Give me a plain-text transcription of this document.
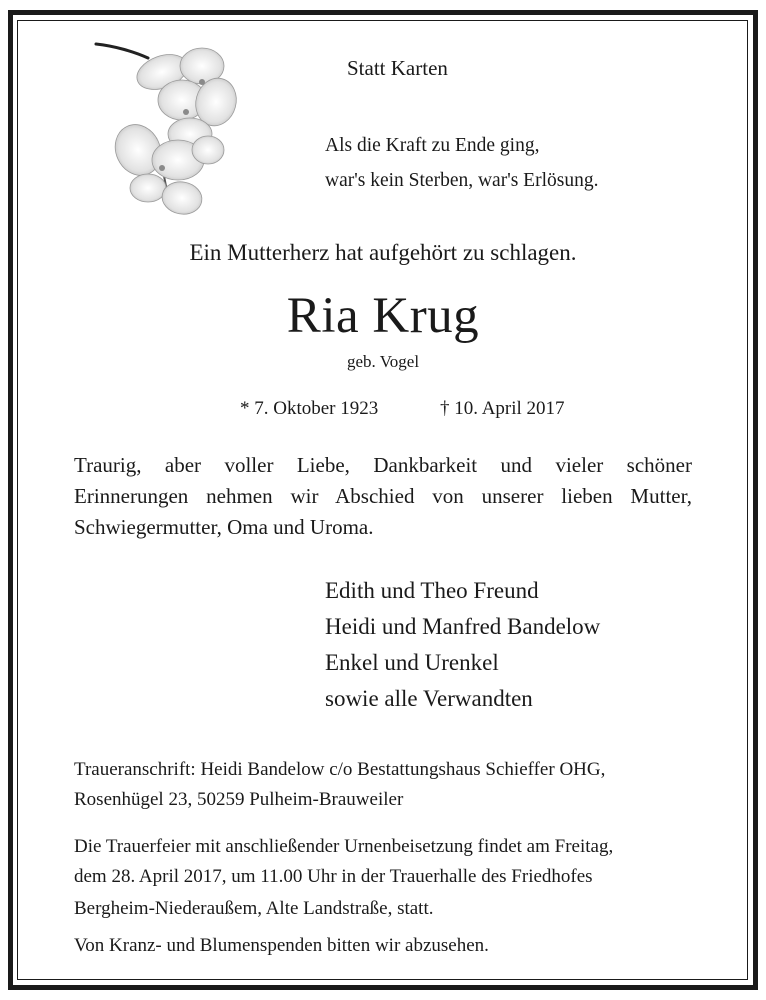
Statt Karten
Als die Kraft zu Ende ging,
war's kein Sterben, war's Erlösung.
Ein Mutterherz hat aufgehört zu schlagen.
Ria Krug
geb. Vogel
* 7. Oktober 1923	† 10. April 2017
Traurig, aber voller Liebe, Dankbarkeit und vieler schöner
Erinnerungen nehmen wir Abschied von unserer lieben Mutter,
Schwiegermutter, Oma und Uroma.
Edith und Theo Freund
Heidi und Manfred Bandelow
Enkel und Urenkel
sowie alle Verwandten
Traueranschrift: Heidi Bandelow c/o Bestattungshaus Schieffer OHG,
Rosenhügel 23, 50259 Pulheim-Brauweiler
Die Trauerfeier mit anschließender Urnenbeisetzung findet am Freitag,
dem 28. April 2017, um 11.00 Uhr in der Trauerhalle des Friedhofes
Bergheim-Niederaußem, Alte Landstraße, statt.
Von Kranz- und Blumenspenden bitten wir abzusehen.
